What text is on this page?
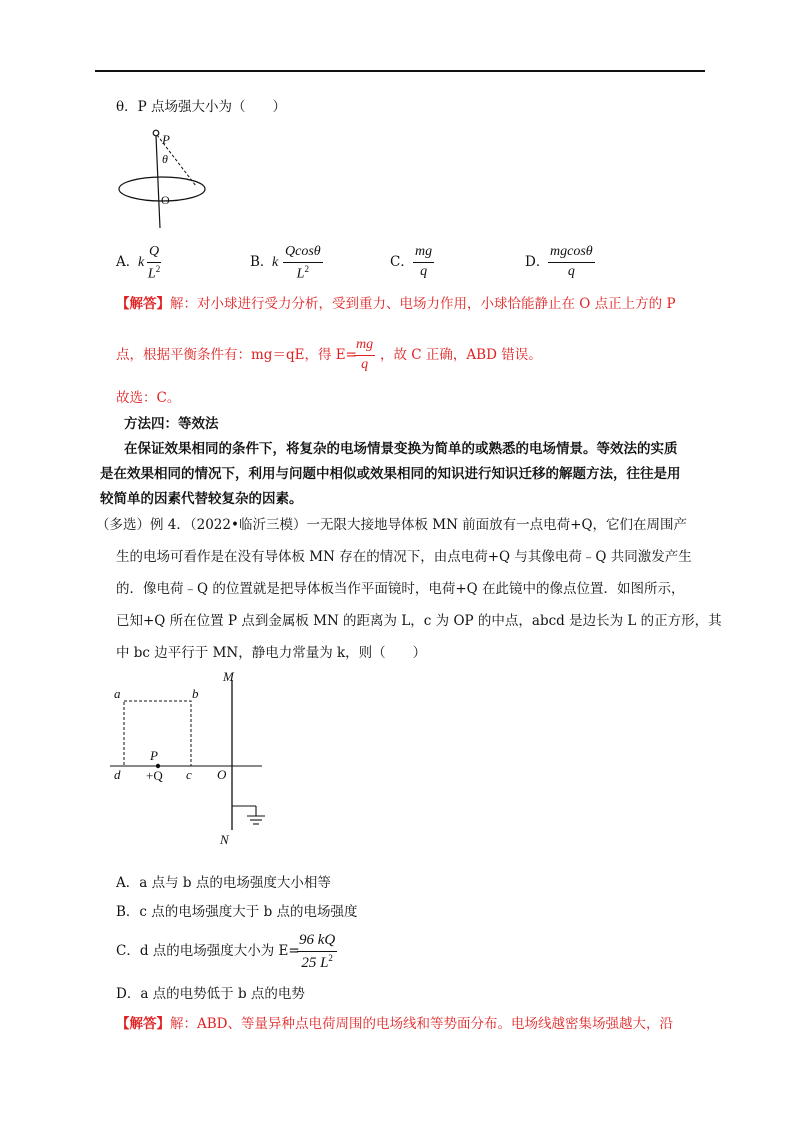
θ．P 点场强大小为（　　）
P
θ
O
A．
k $\frac{Q}{L^2}$	B．
k $\frac{Qcos\theta}{L^2}$	C． $\frac{mg}{q}$	D．
$\frac{mgcos\theta}{q}$
【解答】解：对小球进行受力分析，受到重力、电场力作用，小球恰能静止在 O 点正上方的 P
点，根据平衡条件有：mg＝qE，得 E=
$\frac{mg}{q}$ ，故 C 正确，ABD 错误。
故选：C。
方法四：等效法
在保证效果相同的条件下，将复杂的电场情景变换为简单的或熟悉的电场情景。等效法的实质
是在效果相同的情况下，利用与问题中相似或效果相同的知识进行知识迁移的解题方法，往往是用
较简单的因素代替较复杂的因素。
（多选）例 4．（2022•临沂三模）一无限大接地导体板 MN 前面放有一点电荷+Q，它们在周围产
生的电场可看作是在没有导体板 MN 存在的情况下，由点电荷+Q 与其像电荷﹣Q 共同激发产生
的．像电荷﹣Q 的位置就是把导体板当作平面镜时，电荷+Q 在此镜中的像点位置．如图所示，
已知+Q 所在位置 P 点到金属板 MN 的距离为 L，c 为 OP 的中点，abcd 是边长为 L 的正方形，其
中 bc 边平行于 MN，静电力常量为 k，则（　　）
M
N
a	b
d	c O
P
+Q
A．a 点与 b 点的电场强度大小相等
B．c 点的电场强度大于 b 点的电场强度
C．d 点的电场强度大小为 E=
$\frac{96 kQ}{25 L^2}$
D．a 点的电势低于 b 点的电势
【解答】解：ABD、等量异种点电荷周围的电场线和等势面分布。电场线越密集场强越大，沿
